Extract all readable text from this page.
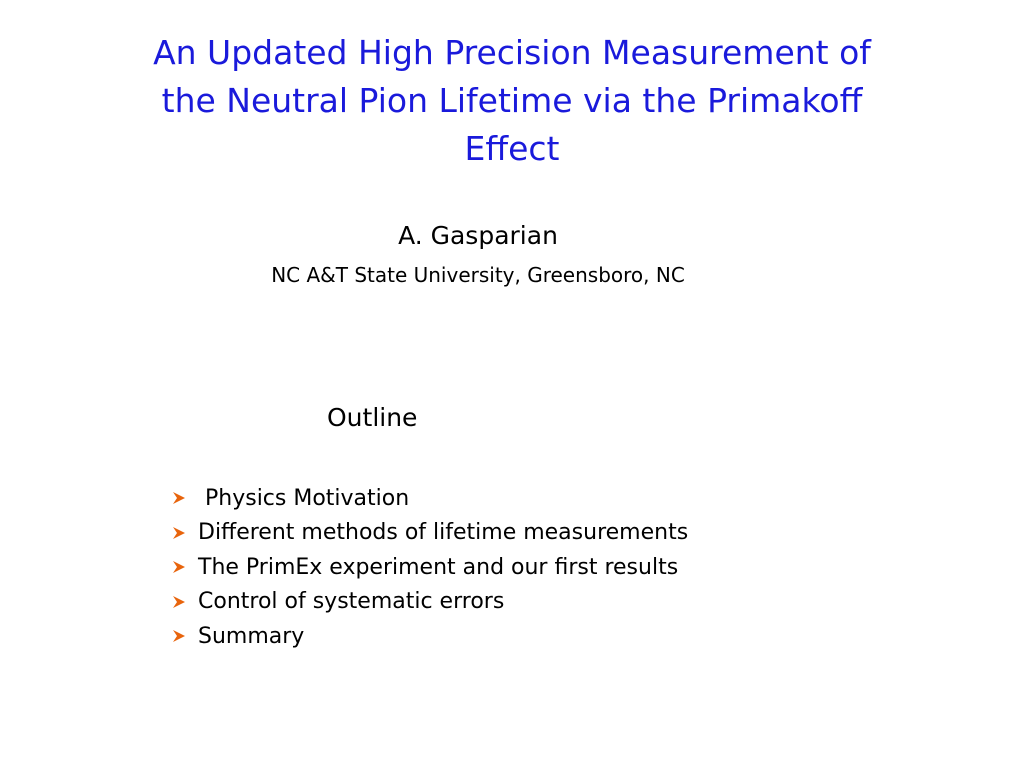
An Updated High Precision Measurement of
the Neutral Pion Lifetime via the Primakoff
Effect
A. Gasparian
NC A&T State University, Greensboro, NC
Outline
Physics Motivation
Different methods of lifetime measurements
The PrimEx experiment and our first results
Control of systematic errors
Summary
